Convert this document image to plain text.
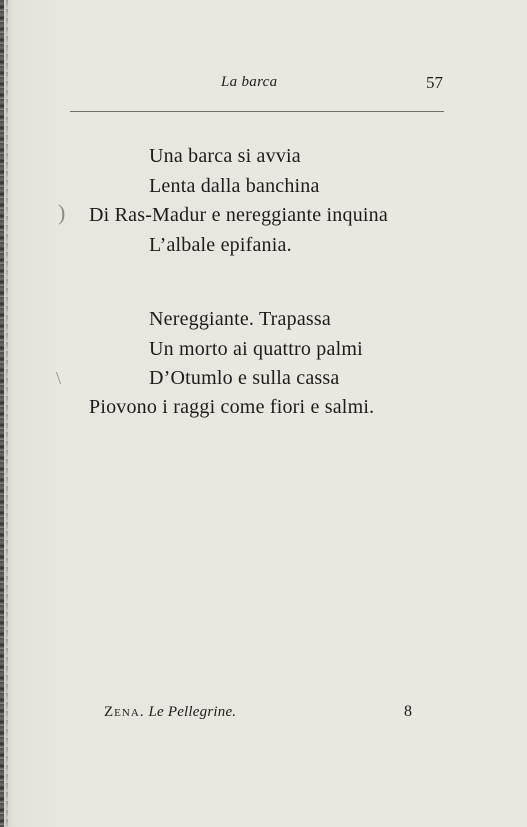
La barca	57
Una barca si avvia
Lenta dalla banchina
Di Ras-Madur e nereggiante inquina
L’albale epifania.
Nereggiante. Trapassa
Un morto ai quattro palmi
D’Otumlo e sulla cassa
Piovono i raggi come fiori e salmi.
Zena. Le Pellegrine.	8
)
\
